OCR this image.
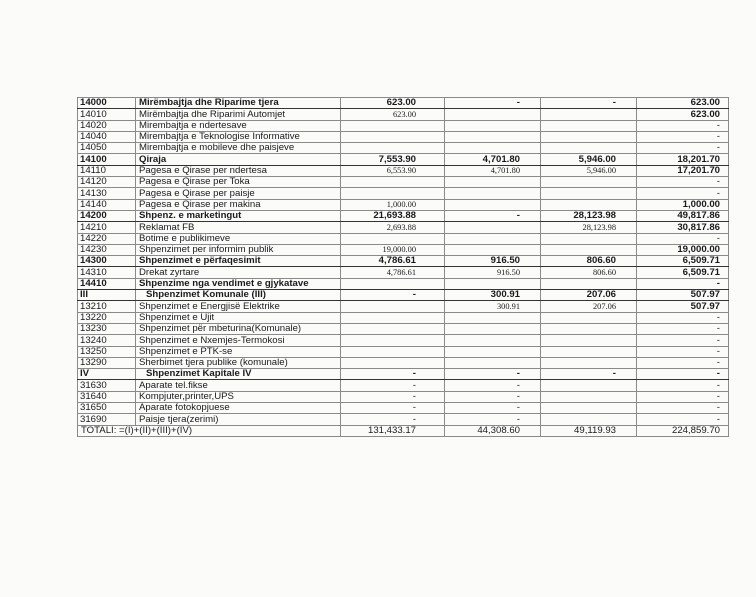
14000	Mirëmbajtja dhe Riparime tjera	623.00	-	-	623.00
14010	Mirëmbajtja dhe Riparimi Automjet	623.00			623.00
14020	Mirembajtja e ndertesave				-
14040	Mirembajtja e Teknologise Informative				-
14050	Mirembajtja e mobileve dhe paisjeve				-
14100	Qiraja	7,553.90	4,701.80	5,946.00	18,201.70
14110	Pagesa e Qirase per ndertesa	6,553.90	4,701.80	5,946.00	17,201.70
14120	Pagesa e Qirase per Toka				-
14130	Pagesa e Qirase per paisje				-
14140	Pagesa e Qirase per makina	1,000.00			1,000.00
14200	Shpenz. e marketingut	21,693.88	-	28,123.98	49,817.86
14210	Reklamat FB	2,693.88		28,123.98	30,817.86
14220	Botime e publikimeve				-
14230	Shpenzimet per informim publik	19,000.00			19,000.00
14300	Shpenzimet e përfaqesimit	4,786.61	916.50	806.60	6,509.71
14310	Drekat zyrtare	4,786.61	916.50	806.60	6,509.71
14410	Shpenzime nga vendimet e gjykatave				-
III	Shpenzimet Komunale (III)	-	300.91	207.06	507.97
13210	Shpenzimet e Energjisë Elektrike		300.91	207.06	507.97
13220	Shpenzimet e Ujit				-
13230	Shpenzimet për mbeturina(Komunale)				-
13240	Shpenzimet e Nxemjes-Termokosi				-
13250	Shpenzimet e PTK-se				-
13290	Sherbimet tjera publike (komunale)				-
IV	Shpenzimet Kapitale IV	-	-	-	-
31630	Aparate tel.fikse	-	-		-
31640	Kompjuter,printer,UPS	-	-		-
31650	Aparate fotokopjuese	-	-		-
31690	Paisje tjera(zerimi)	-	-		-
TOTALI: =(I)+(II)+(III)+(IV)		131,433.17	44,308.60	49,119.93	224,859.70
